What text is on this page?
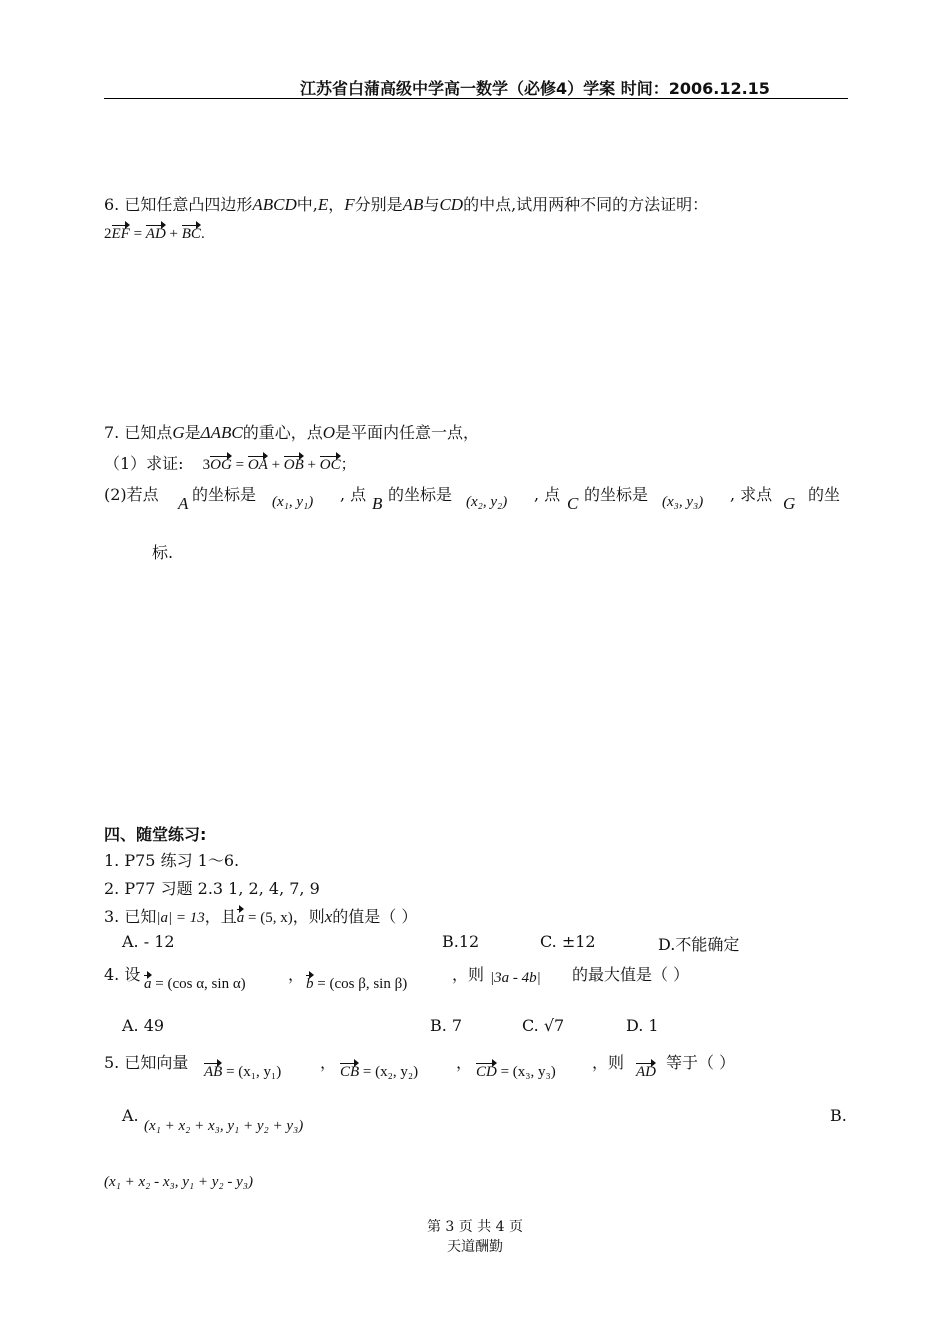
江苏省白蒲高级中学高一数学（必修4）学案 时间：2006.12.15
6. 已知任意凸四边形ABCD中,E，F分别是AB与CD的中点,试用两种不同的方法证明：
2EF = AD + BC.
7. 已知点G是ΔABC的重心，点O是平面内任意一点，
（1）求证: 3OG = OA + OB + OC；
(2)若点 A 的坐标是 (x₁, y₁) , 点 B 的坐标是 (x₂, y₂) , 点 C 的坐标是 (x₃, y₃) , 求点 G 的坐
标.
四、随堂练习:
1. P75 练习 1～6.
2. P77 习题 2.3 1, 2, 4, 7, 9
3. 已知|a| = 13，且a = (5, x)，则x的值是（ ）
A. - 12	B.12	C. ±12	D.不能确定
4. 设 a = (cos α, sin α)	， b = (cos β, sin β)	，则 |3a - 4b| 的最大值是（ ）
A. 49	B. 7	C. √7	D. 1
5. 已知向量 AB = (x₁, y₁) ， CB = (x₂, y₂) ， CD = (x₃, y₃) ，则 AD 等于（ ）
A.
(x₁ + x₂ + x₃, y₁ + y₂ + y₃)
B.
(x₁ + x₂ - x₃, y₁ + y₂ - y₃)
第 3 页 共 4 页
天道酬勤
